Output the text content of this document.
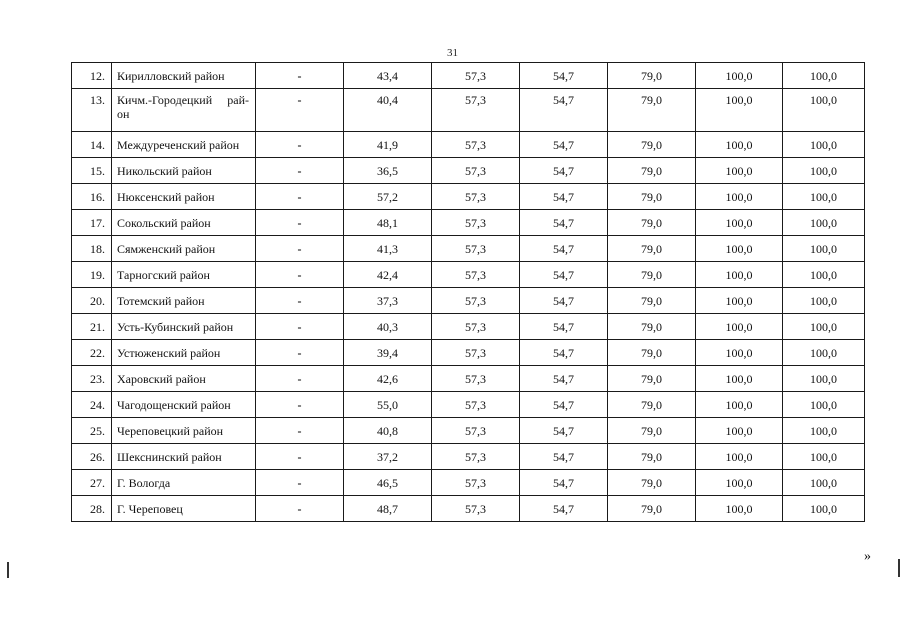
31
12.	Кирилловский район	-	43,4	57,3	54,7	79,0	100,0	100,0
13.	Кичм.-Городецкий рай-он	-	40,4	57,3	54,7	79,0	100,0	100,0
14.	Междуреченский район	-	41,9	57,3	54,7	79,0	100,0	100,0
15.	Никольский район	-	36,5	57,3	54,7	79,0	100,0	100,0
16.	Нюксенский район	-	57,2	57,3	54,7	79,0	100,0	100,0
17.	Сокольский район	-	48,1	57,3	54,7	79,0	100,0	100,0
18.	Сямженский район	-	41,3	57,3	54,7	79,0	100,0	100,0
19.	Тарногский район	-	42,4	57,3	54,7	79,0	100,0	100,0
20.	Тотемский район	-	37,3	57,3	54,7	79,0	100,0	100,0
21.	Усть-Кубинский район	-	40,3	57,3	54,7	79,0	100,0	100,0
22.	Устюженский район	-	39,4	57,3	54,7	79,0	100,0	100,0
23.	Харовский район	-	42,6	57,3	54,7	79,0	100,0	100,0
24.	Чагодощенский район	-	55,0	57,3	54,7	79,0	100,0	100,0
25.	Череповецкий район	-	40,8	57,3	54,7	79,0	100,0	100,0
26.	Шекснинский район	-	37,2	57,3	54,7	79,0	100,0	100,0
27.	Г. Вологда	-	46,5	57,3	54,7	79,0	100,0	100,0
28.	Г. Череповец	-	48,7	57,3	54,7	79,0	100,0	100,0
»
